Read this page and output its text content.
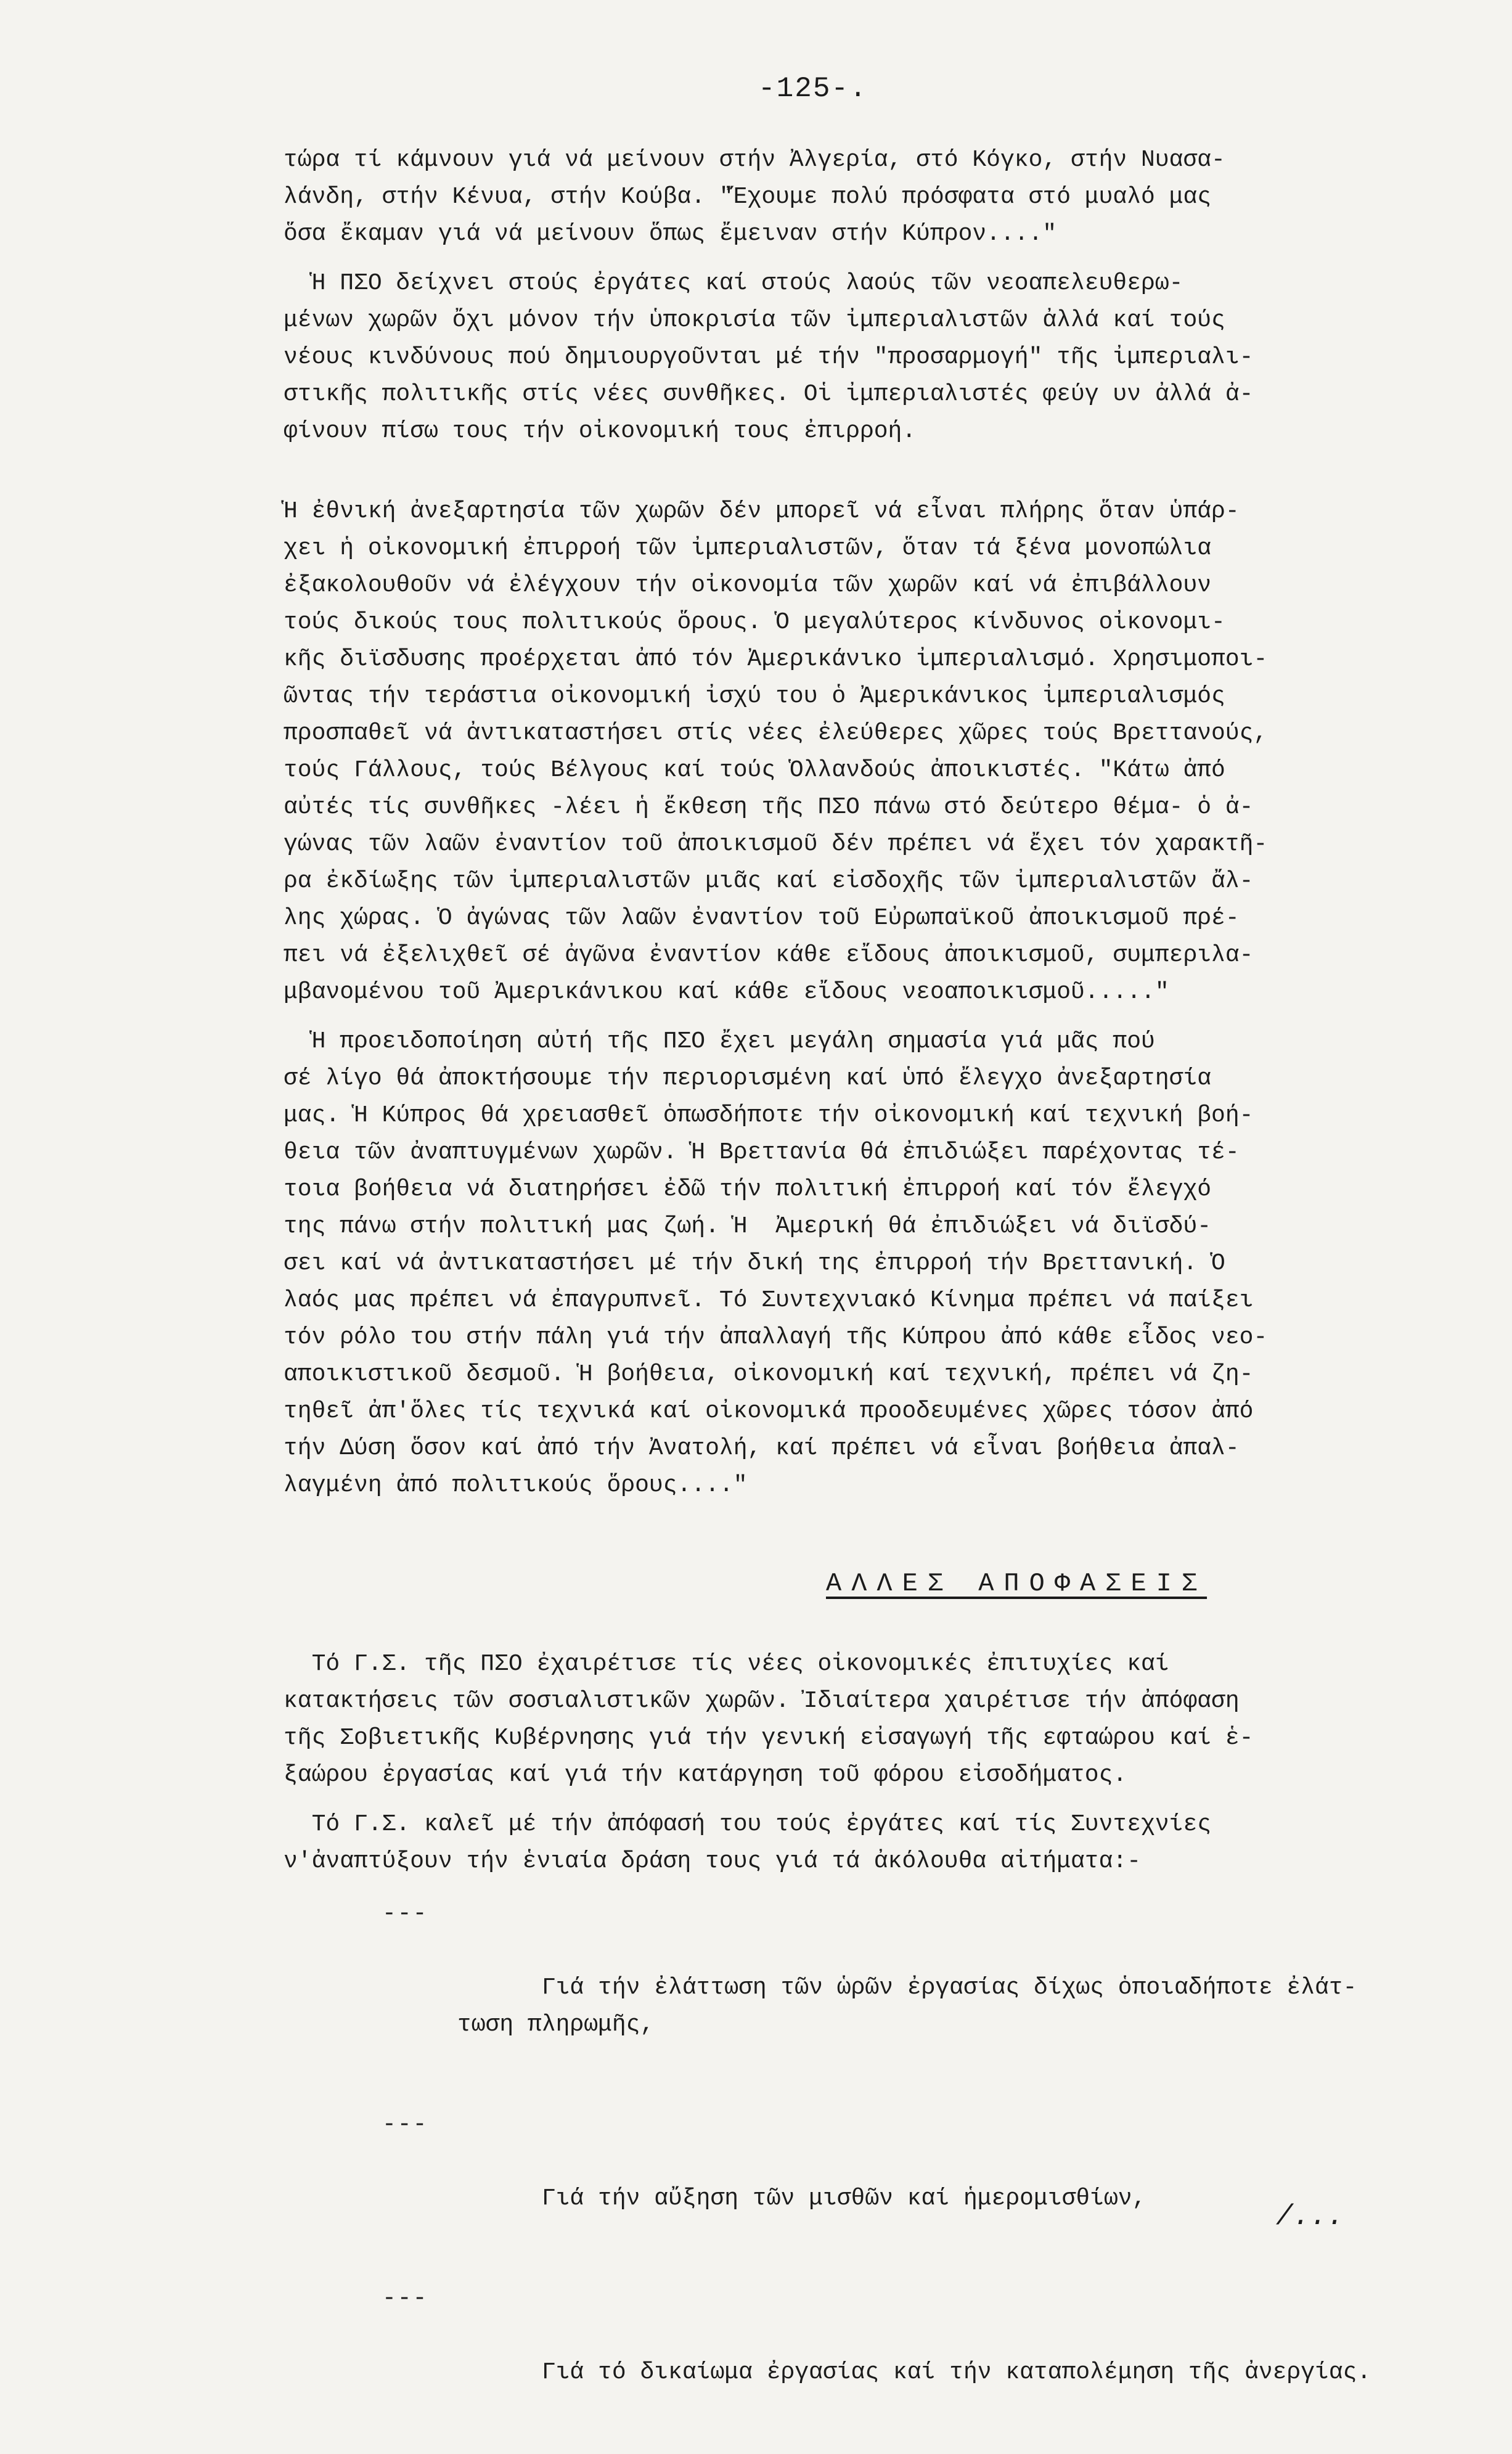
-125-.
τώρα τί κάμνουν γιά νά μείνουν στήν Ἀλγερία, στό Κόγκο, στήν Νυασα-
λάνδη, στήν Κένυα, στήν Κούβα. "Ἔχουμε πολύ πρόσφατα στό μυαλό μας
ὅσα ἔκαμαν γιά νά μείνουν ὅπως ἔμειναν στήν Κύπρον...."
Ἡ ΠΣΟ δείχνει στούς ἐργάτες καί στούς λαούς τῶν νεοαπελευθερω-
μένων χωρῶν ὄχι μόνον τήν ὑποκρισία τῶν ἰμπεριαλιστῶν ἀλλά καί τούς
νέους κινδύνους πού δημιουργοῦνται μέ τήν "προσαρμογή" τῆς ἰμπεριαλι-
στικῆς πολιτικῆς στίς νέες συνθῆκες. Οἱ ἰμπεριαλιστές φεύγ υν ἀλλά ἀ-
φίνουν πίσω τους τήν οἰκονομική τους ἐπιρροή.
Ἡ ἐθνική ἀνεξαρτησία τῶν χωρῶν δέν μπορεῖ νά εἶναι πλήρης ὅταν ὑπάρ-
χει ἡ οἰκονομική ἐπιρροή τῶν ἰμπεριαλιστῶν, ὅταν τά ξένα μονοπώλια
ἐξακολουθοῦν νά ἐλέγχουν τήν οἰκονομία τῶν χωρῶν καί νά ἐπιβάλλουν
τούς δικούς τους πολιτικούς ὅρους. Ὁ μεγαλύτερος κίνδυνος οἰκονομι-
κῆς διϊσδυσης προέρχεται ἀπό τόν Ἀμερικάνικο ἰμπεριαλισμό. Χρησιμοποι-
ῶντας τήν τεράστια οἰκονομική ἰσχύ του ὁ Ἀμερικάνικος ἰμπεριαλισμός
προσπαθεῖ νά ἀντικαταστήσει στίς νέες ἐλεύθερες χῶρες τούς Βρεττανούς,
τούς Γάλλους, τούς Βέλγους καί τούς Ὁλλανδούς ἀποικιστές. "Κάτω ἀπό
αὐτές τίς συνθῆκες -λέει ἡ ἔκθεση τῆς ΠΣΟ πάνω στό δεύτερο θέμα- ὁ ἀ-
γώνας τῶν λαῶν ἐναντίον τοῦ ἀποικισμοῦ δέν πρέπει νά ἔχει τόν χαρακτῆ-
ρα ἐκδίωξης τῶν ἰμπεριαλιστῶν μιᾶς καί εἰσδοχῆς τῶν ἰμπεριαλιστῶν ἄλ-
λης χώρας. Ὁ ἀγώνας τῶν λαῶν ἐναντίον τοῦ Εὐρωπαϊκοῦ ἀποικισμοῦ πρέ-
πει νά ἐξελιχθεῖ σέ ἀγῶνα ἐναντίον κάθε εἴδους ἀποικισμοῦ, συμπεριλα-
μβανομένου τοῦ Ἀμερικάνικου καί κάθε εἴδους νεοαποικισμοῦ....."
Ἡ προειδοποίηση αὐτή τῆς ΠΣΟ ἔχει μεγάλη σημασία γιά μᾶς πού
σέ λίγο θά ἀποκτήσουμε τήν περιορισμένη καί ὑπό ἔλεγχο ἀνεξαρτησία
μας. Ἡ Κύπρος θά χρειασθεῖ ὁπωσδήποτε τήν οἰκονομική καί τεχνική βοή-
θεια τῶν ἀναπτυγμένων χωρῶν. Ἡ Βρεττανία θά ἐπιδιώξει παρέχοντας τέ-
τοια βοήθεια νά διατηρήσει ἐδῶ τήν πολιτική ἐπιρροή καί τόν ἔλεγχό
της πάνω στήν πολιτική μας ζωή. Ἡ  Ἀμερική θά ἐπιδιώξει νά διϊσδύ-
σει καί νά ἀντικαταστήσει μέ τήν δική της ἐπιρροή τήν Βρεττανική. Ὁ
λαός μας πρέπει νά ἐπαγρυπνεῖ. Τό Συντεχνιακό Κίνημα πρέπει νά παίξει
τόν ρόλο του στήν πάλη γιά τήν ἀπαλλαγή τῆς Κύπρου ἀπό κάθε εἶδος νεο-
αποικιστικοῦ δεσμοῦ. Ἡ βοήθεια, οἰκονομική καί τεχνική, πρέπει νά ζη-
τηθεῖ ἀπ'ὅλες τίς τεχνικά καί οἰκονομικά προοδευμένες χῶρες τόσον ἀπό
τήν Δύση ὅσον καί ἀπό τήν Ἀνατολή, καί πρέπει νά εἶναι βοήθεια ἀπαλ-
λαγμένη ἀπό πολιτικούς ὅρους...."
ΑΛΛΕΣ ΑΠΟΦΑΣΕΙΣ
Τό Γ.Σ. τῆς ΠΣΟ ἐχαιρέτισε τίς νέες οἰκονομικές ἐπιτυχίες καί
κατακτήσεις τῶν σοσιαλιστικῶν χωρῶν. Ἰδιαίτερα χαιρέτισε τήν ἀπόφαση
τῆς Σοβιετικῆς Κυβέρνησης γιά τήν γενική εἰσαγωγή τῆς εφταώρου καί ἑ-
ξαώρου ἐργασίας καί γιά τήν κατάργηση τοῦ φόρου εἰσοδήματος.
Τό Γ.Σ. καλεῖ μέ τήν ἀπόφασή του τούς ἐργάτες καί τίς Συντεχνίες
ν'ἀναπτύξουν τήν ἑνιαία δράση τους γιά τά ἀκόλουθα αἰτήματα:-

---

Γιά τήν ἐλάττωση τῶν ὡρῶν ἐργασίας δίχως ὁποιαδήποτε ἐλάτ-
τωση πληρωμῆς,

---

Γιά τήν αὔξηση τῶν μισθῶν καί ἡμερομισθίων,

---

Γιά τό δικαίωμα ἐργασίας καί τήν καταπολέμηση τῆς ἀνεργίας.

/...
